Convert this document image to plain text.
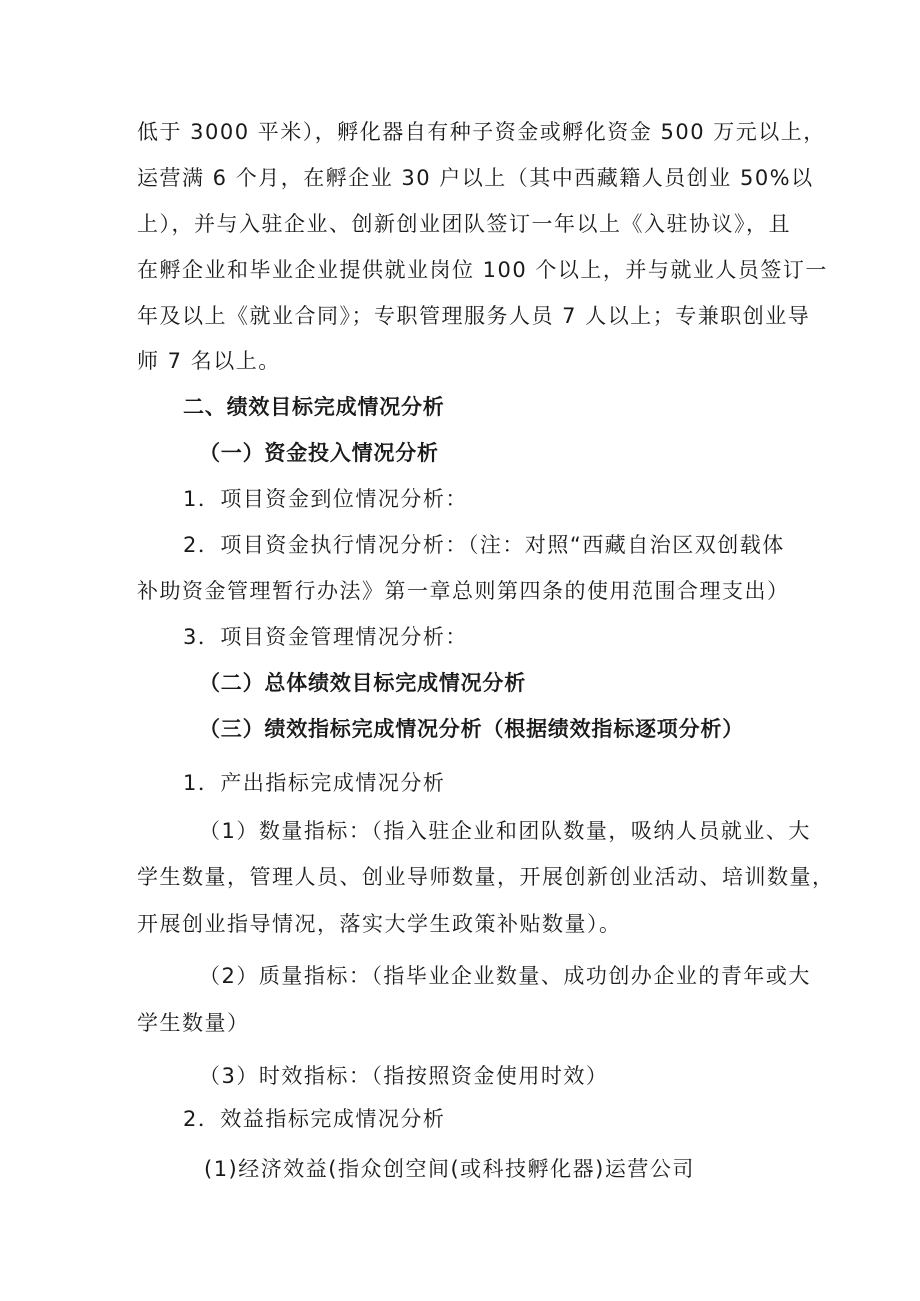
低于 3000 平米），孵化器自有种子资金或孵化资金 500 万元以上，
运营满 6 个月，在孵企业 30 户以上（其中西藏籍人员创业 50%以
上），并与入驻企业、创新创业团队签订一年以上《入驻协议》，且
在孵企业和毕业企业提供就业岗位 100 个以上，并与就业人员签订一
年及以上《就业合同》；专职管理服务人员 7 人以上；专兼职创业导
师 7 名以上。
二、绩效目标完成情况分析
（一）资金投入情况分析
1．项目资金到位情况分析：
2．项目资金执行情况分析：（注：对照“西藏自治区双创载体
补助资金管理暂行办法》第一章总则第四条的使用范围合理支出）
3．项目资金管理情况分析：
（二）总体绩效目标完成情况分析
（三）绩效指标完成情况分析（根据绩效指标逐项分析）
1．产出指标完成情况分析
（1）数量指标：（指入驻企业和团队数量，吸纳人员就业、大
学生数量，管理人员、创业导师数量，开展创新创业活动、培训数量，
开展创业指导情况，落实大学生政策补贴数量）。
（2）质量指标：（指毕业企业数量、成功创办企业的青年或大
学生数量）
（3）时效指标：（指按照资金使用时效）
2．效益指标完成情况分析
(1)经济效益(指众创空间(或科技孵化器)运营公司
